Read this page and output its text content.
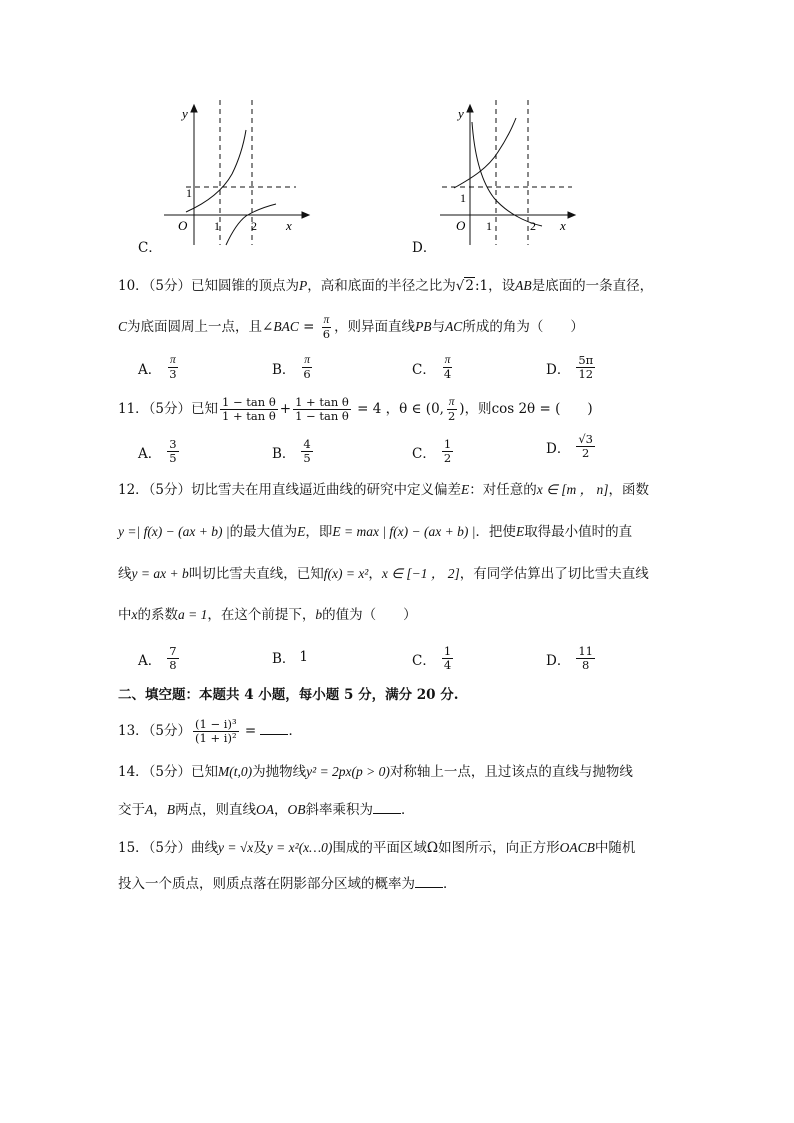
y
x
O 1	2
1
C．
y
x
O 1	2
1
D．
10．（5分）已知圆锥的顶点为P，高和底面的半径之比为√2:1，设AB是底面的一条直径，
C为底面圆周上一点，且∠BAC = $\frac{\pi}{6}$ ，则异面直线PB与AC所成的角为（　　）
A． $\frac{\pi}{3}$	B． $\frac{\pi}{6}$	C． $\frac{\pi}{4}$	D． $\frac{5\pi}{12}$
11．（5分）已知 $\frac{\text{1 − tan θ}}{\text{1 + tan θ}} + \frac{\text{1 + tan θ}}{\text{1 − tan θ}} = 4$ ，θ ∈ (0, $\frac{\pi}{2}$ )，则cos 2θ = (　　)
A． $\frac{3}{5}$	B． $\frac{4}{5}$	C． $\frac{1}{2}$	D． $\frac{√3}{2}$
12．（5分）切比雪夫在用直线逼近曲线的研究中定义偏差E：对任意的x ∈ [m ， n]，函数
y =| f(x) − (ax + b) |的最大值为E，即E = max | f(x) − (ax + b) |．把使E取得最小值时的直
线y = ax + b叫切比雪夫直线，已知f(x) = x²，x ∈ [−1 ， 2]，有同学估算出了切比雪夫直线
中x的系数a = 1，在这个前提下，b的值为（　　）
A． $\frac{7}{8}$	B． 1	C． $\frac{1}{4}$	D． $\frac{11}{8}$
二、填空题：本题共 4 小题，每小题 5 分，满分 20 分.
13．（5分） $\frac{\text{(1 − i)³}}{\text{(1 + i)²}}$ = ．
14．（5分）已知M(t,0)为抛物线y² = 2px(p > 0)对称轴上一点，且过该点的直线与抛物线
交于A，B两点，则直线OA，OB斜率乘积为 ．
15．（5分）曲线y = √x及y = x²(x…0)围成的平面区域Ω如图所示，向正方形OACB中随机
投入一个质点，则质点落在阴影部分区域的概率为 ．
